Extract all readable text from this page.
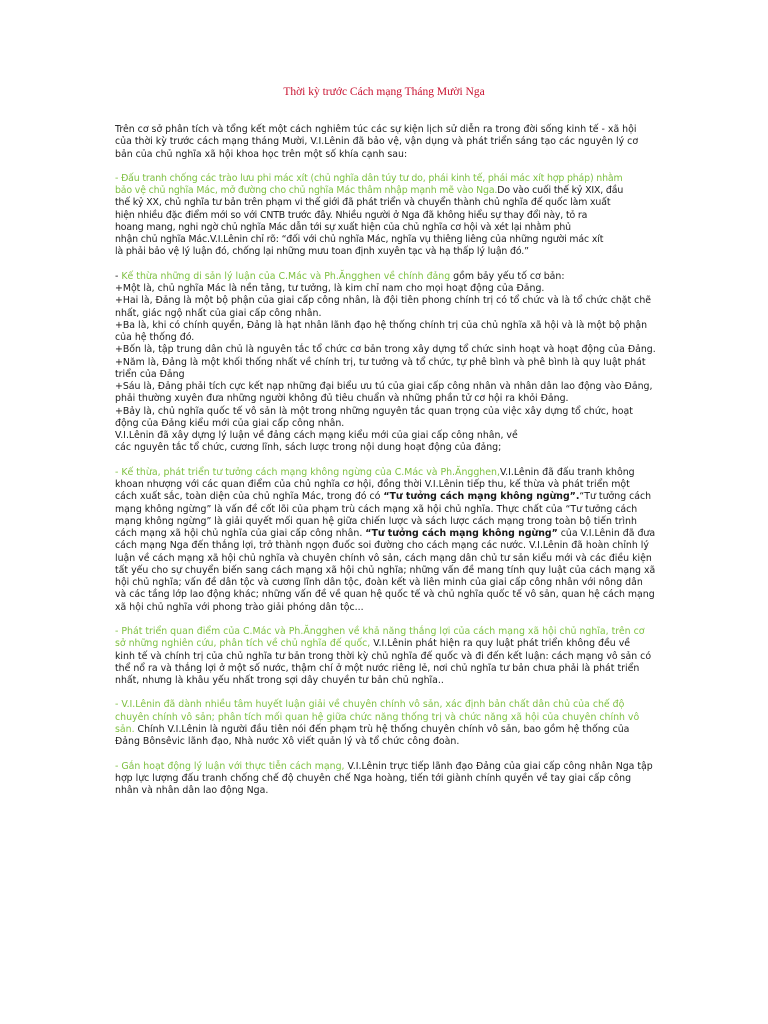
Thời kỳ trước Cách mạng Tháng Mười Nga
Trên cơ sở phân tích và tổng kết một cách nghiêm túc các sự kiện lịch sử diễn ra trong đời sống kinh tế - xã hội
của thời kỳ trước cách mạng tháng Mười, V.I.Lênin đã bảo vệ, vận dụng và phát triển sáng tạo các nguyên lý cơ
bản của chủ nghĩa xã hội khoa học trên một số khía cạnh sau:
- Đấu tranh chống các trào lưu phi mác xít (chủ nghĩa dân túy tư do, phái kinh tế, phái mác xít hợp pháp) nhằm
bảo vệ chủ nghĩa Mác, mở đường cho chủ nghĩa Mác thâm nhập mạnh mẽ vào Nga.Do vào cuối thế kỷ XIX, đầu
thế kỷ XX, chủ nghĩa tư bản trên phạm vi thế giới đã phát triển và chuyển thành chủ nghĩa đế quốc làm xuất
hiện nhiều đặc điểm mới so với CNTB trước đây. Nhiều người ở Nga đã không hiểu sự thay đổi này, tỏ ra
hoang mang, nghi ngờ chủ nghĩa Mác dẫn tới sự xuất hiện của chủ nghĩa cơ hội và xét lại nhằm phủ
nhận chủ nghĩa Mác.V.I.Lênin chỉ rõ: “đối với chủ nghĩa Mác, nghĩa vụ thiêng liêng của những người mác xít
là phải bảo vệ lý luận đó, chống lại những mưu toan định xuyên tạc và hạ thấp lý luận đó.”
- Kế thừa những di sản lý luận của C.Mác và Ph.Ăngghen về chính đảng gồm bảy yếu tố cơ bản:
+Một là, chủ nghĩa Mác là nền tảng, tư tưởng, là kim chỉ nam cho mọi hoạt động của Đảng.
+Hai là, Đảng là một bộ phận của giai cấp công nhân, là đội tiên phong chính trị có tổ chức và là tổ chức chặt chẽ
nhất, giác ngộ nhất của giai cấp công nhân.
+Ba là, khi có chính quyền, Đảng là hạt nhân lãnh đạo hệ thống chính trị của chủ nghĩa xã hội và là một bộ phận
của hệ thống đó.
+Bốn là, tập trung dân chủ là nguyên tắc tổ chức cơ bản trong xây dựng tổ chức sinh hoạt và hoạt động của Đảng.
+Năm là, Đảng là một khối thống nhất về chính trị, tư tưởng và tổ chức, tự phê bình và phê bình là quy luật phát
triển của Đảng
+Sáu là, Đảng phải tích cực kết nạp những đại biểu ưu tú của giai cấp công nhân và nhân dân lao động vào Đảng,
phải thường xuyên đưa những người không đủ tiêu chuẩn và những phần tử cơ hội ra khỏi Đảng.
+Bảy là, chủ nghĩa quốc tế vô sản là một trong những nguyên tắc quan trọng của việc xây dựng tổ chức, hoạt
động của Đảng kiểu mới của giai cấp công nhân.
V.I.Lênin đã xây dựng lý luận về đảng cách mạng kiểu mới của giai cấp công nhân, về
các nguyên tắc tổ chức, cương lĩnh, sách lược trong nội dung hoạt động của đảng;
- Kế thừa, phát triển tư tưởng cách mạng không ngừng của C.Mác và Ph.Ăngghen,V.I.Lênin đã đấu tranh không
khoan nhượng với các quan điểm của chủ nghĩa cơ hội, đồng thời V.I.Lênin tiếp thu, kế thừa và phát triển một
cách xuất sắc, toàn diện của chủ nghĩa Mác, trong đó có “Tư tưởng cách mạng không ngừng”.“Tư tưởng cách
mạng không ngừng” là vấn đề cốt lõi của phạm trù cách mạng xã hội chủ nghĩa. Thực chất của “Tư tưởng cách
mạng không ngừng” là giải quyết mối quan hệ giữa chiến lược và sách lược cách mạng trong toàn bộ tiến trình
cách mạng xã hội chủ nghĩa của giai cấp công nhân. “Tư tưởng cách mạng không ngừng” của V.I.Lênin đã đưa
cách mạng Nga đến thắng lợi, trở thành ngọn đuốc soi đường cho cách mạng các nước. V.I.Lênin đã hoàn chỉnh lý
luận về cách mạng xã hội chủ nghĩa và chuyên chính vô sản, cách mạng dân chủ tư sản kiểu mới và các điều kiện
tất yếu cho sự chuyển biến sang cách mạng xã hội chủ nghĩa; những vấn đề mang tính quy luật của cách mạng xã
hội chủ nghĩa; vấn đề dân tộc và cương lĩnh dân tộc, đoàn kết và liên minh của giai cấp công nhân với nông dân
và các tầng lớp lao động khác; những vấn đề về quan hệ quốc tế và chủ nghĩa quốc tế vô sản, quan hệ cách mạng
xã hội chủ nghĩa với phong trào giải phóng dân tộc...
- Phát triển quan điểm của C.Mác và Ph.Ăngghen về khả năng thắng lợi của cách mạng xã hội chủ nghĩa, trên cơ
sở những nghiên cứu, phân tích về chủ nghĩa đế quốc, V.I.Lênin phát hiện ra quy luật phát triển không đều về
kinh tế và chính trị của chủ nghĩa tư bản trong thời kỳ chủ nghĩa đế quốc và đi đến kết luận: cách mạng vô sản có
thể nổ ra và thắng lợi ở một số nước, thậm chí ở một nước riêng lẻ, nơi chủ nghĩa tư bản chưa phải là phát triển
nhất, nhưng là khâu yếu nhất trong sợi dây chuyền tư bản chủ nghĩa..
- V.I.Lênin đã dành nhiều tâm huyết luận giải về chuyên chính vô sản, xác định bản chất dân chủ của chế độ
chuyên chính vô sản; phân tích mối quan hệ giữa chức năng thống trị và chức năng xã hội của chuyên chính vô
sản. Chính V.I.Lênin là người đầu tiên nói đến phạm trù hệ thống chuyên chính vô sản, bao gồm hệ thống của
Đảng Bônsêvic lãnh đạo, Nhà nước Xô viết quản lý và tổ chức công đoàn.
- Gắn hoạt động lý luận với thực tiễn cách mạng, V.I.Lênin trực tiếp lãnh đạo Đảng của giai cấp công nhân Nga tập
hợp lực lượng đấu tranh chống chế độ chuyên chế Nga hoàng, tiến tới giành chính quyền về tay giai cấp công
nhân và nhân dân lao động Nga.
